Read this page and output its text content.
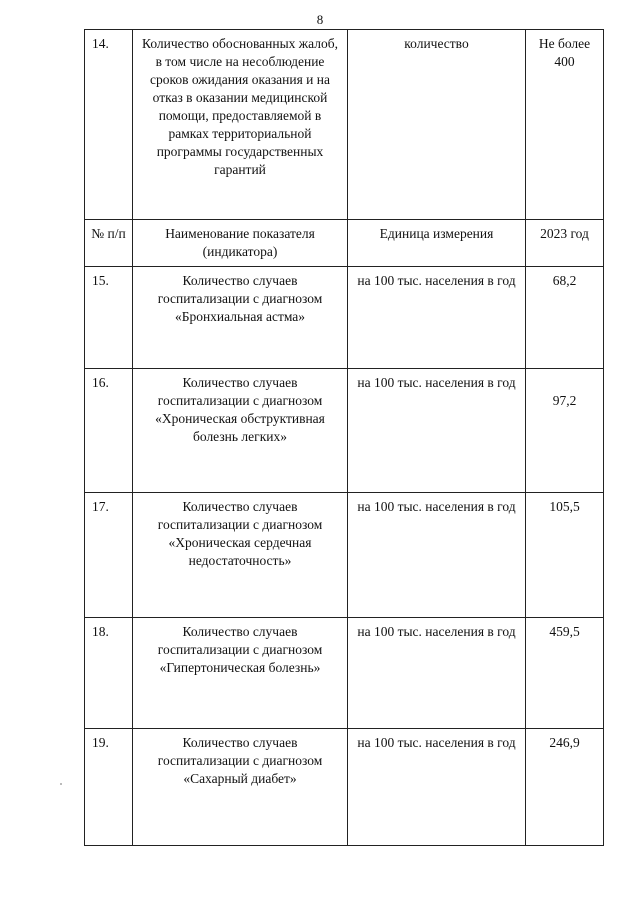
8
14.	Количество обоснованных жалоб, в том числе на несоблюдение сроков ожидания оказания и на отказ в оказании медицинской помощи, предоставляемой в рамках территориальной программы государственных гарантий	количество	Не более 400
№ п/п	Наименование показателя (индикатора)	Единица измерения	2023 год
15.	Количество случаев госпитализации с диагнозом «Бронхиальная астма»	на 100 тыс. населения в год	68,2
16.	Количество случаев госпитализации с диагнозом «Хроническая обструктивная болезнь легких»	на 100 тыс. населения в год	97,2

17.	Количество случаев госпитализации с диагнозом «Хроническая сердечная недостаточность»	на 100 тыс. населения в год	105,5
18.	Количество случаев госпитализации с диагнозом «Гипертоническая болезнь»	на 100 тыс. населения в год	459,5
19.	Количество случаев госпитализации с диагнозом «Сахарный диабет»	на 100 тыс. населения в год	246,9
